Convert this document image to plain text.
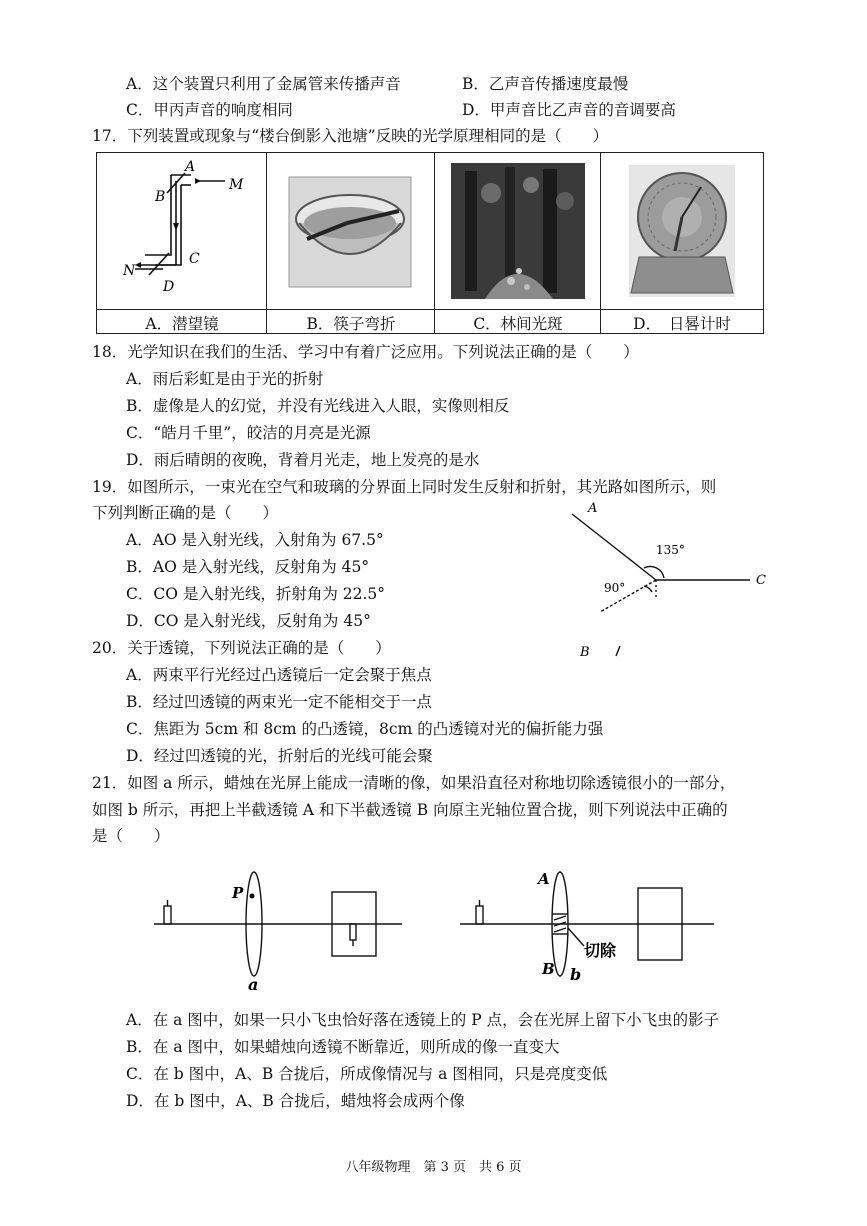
A．这个装置只利用了金属管来传播声音	B．乙声音传播速度最慢
C．甲丙声音的响度相同	D．甲声音比乙声音的音调要高
17．下列装置或现象与“楼台倒影入池塘”反映的光学原理相同的是（　　）
A
B
C
D
M
N
A．潜望镜	B．筷子弯折	C．林间光斑	D．　日晷计时
18．光学知识在我们的生活、学习中有着广泛应用。下列说法正确的是（　　）
A．雨后彩虹是由于光的折射
B．虚像是人的幻觉，并没有光线进入人眼，实像则相反
C．“皓月千里”，皎洁的月亮是光源
D．雨后晴朗的夜晚，背着月光走，地上发亮的是水
19．如图所示，一束光在空气和玻璃的分界面上同时发生反射和折射，其光路如图所示，则
下列判断正确的是（　　）
A．AO 是入射光线，入射角为 67.5°
B．AO 是入射光线，反射角为 45°
C．CO 是入射光线，折射角为 22.5°
D．CO 是入射光线，反射角为 45°
A
C
B
135°
90°
20．关于透镜，下列说法正确的是（　　）
A．两束平行光经过凸透镜后一定会聚于焦点
B．经过凹透镜的两束光一定不能相交于一点
C．焦距为 5cm 和 8cm 的凸透镜，8cm 的凸透镜对光的偏折能力强
D．经过凹透镜的光，折射后的光线可能会聚
21．如图 a 所示，蜡烛在光屏上能成一清晰的像，如果沿直径对称地切除透镜很小的一部分，
如图 b 所示，再把上半截透镜 A 和下半截透镜 B 向原主光轴位置合拢，则下列说法中正确的
是（　　）
P
a
A
B
切除
b
A．在 a 图中，如果一只小飞虫恰好落在透镜上的 P 点，会在光屏上留下小飞虫的影子
B．在 a 图中，如果蜡烛向透镜不断靠近，则所成的像一直变大
C．在 b 图中，A、B 合拢后，所成像情况与 a 图相同，只是亮度变低
D．在 b 图中，A、B 合拢后，蜡烛将会成两个像
八年级物理　第 3 页　共 6 页
